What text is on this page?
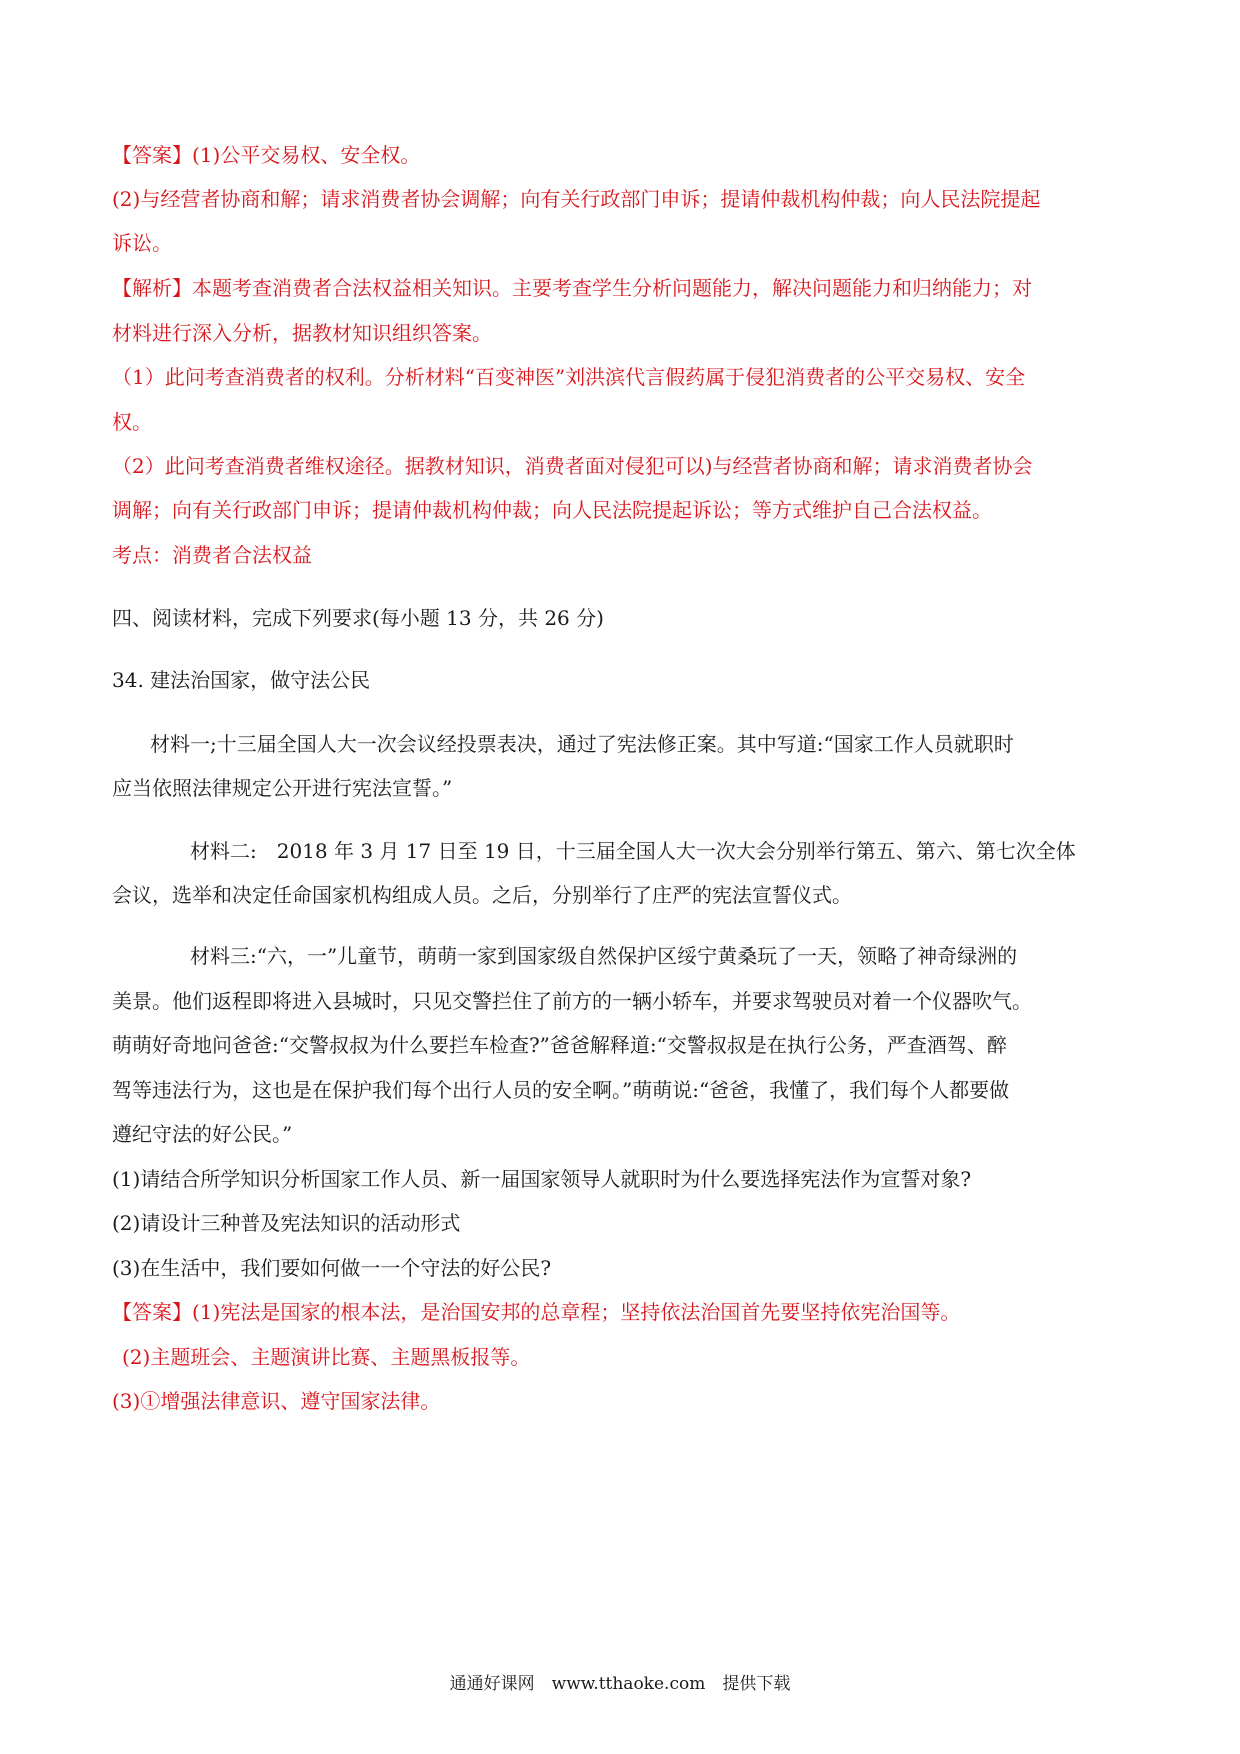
【答案】(1)公平交易权、安全权。

(2)与经营者协商和解；请求消费者协会调解；向有关行政部门申诉；提请仲裁机构仲裁；向人民法院提起

诉讼。

【解析】本题考查消费者合法权益相关知识。主要考查学生分析问题能力，解决问题能力和归纳能力；对

材料进行深入分析，据教材知识组织答案。

（1）此问考查消费者的权利。分析材料“百变神医”刘洪滨代言假药属于侵犯消费者的公平交易权、安全

权。

（2）此问考查消费者维权途径。据教材知识，消费者面对侵犯可以)与经营者协商和解；请求消费者协会

调解；向有关行政部门申诉；提请仲裁机构仲裁；向人民法院提起诉讼；等方式维护自己合法权益。

考点：消费者合法权益

四、阅读材料，完成下列要求(每小题 13 分，共 26 分)

34. 建法治国家，做守法公民

材料一;十三届全国人大一次会议经投票表决，通过了宪法修正案。其中写道:“国家工作人员就职时

应当依照法律规定公开进行宪法宣誓。”

材料二:　2018 年 3 月 17 日至 19 日，十三届全国人大一次大会分别举行第五、第六、第七次全体

会议，选举和决定任命国家机构组成人员。之后，分别举行了庄严的宪法宣誓仪式。

材料三:“六，一”儿童节，萌萌一家到国家级自然保护区绥宁黄桑玩了一天，领略了神奇绿洲的

美景。他们返程即将进入县城时，只见交警拦住了前方的一辆小轿车，并要求驾驶员对着一个仪器吹气。

萌萌好奇地问爸爸:“交警叔叔为什么要拦车检查?”爸爸解释道:“交警叔叔是在执行公务，严查酒驾、醉

驾等违法行为，这也是在保护我们每个出行人员的安全啊。”萌萌说:“爸爸，我懂了，我们每个人都要做

遵纪守法的好公民。”

(1)请结合所学知识分析国家工作人员、新一届国家领导人就职时为什么要选择宪法作为宣誓对象?

(2)请设计三种普及宪法知识的活动形式

(3)在生活中，我们要如何做一一个守法的好公民?

【答案】(1)宪法是国家的根本法，是治国安邦的总章程；坚持依法治国首先要坚持依宪治国等。

(2)主题班会、主题演讲比赛、主题黑板报等。

(3)①增强法律意识、遵守国家法律。

通通好课网　www.tthaoke.com　提供下载
